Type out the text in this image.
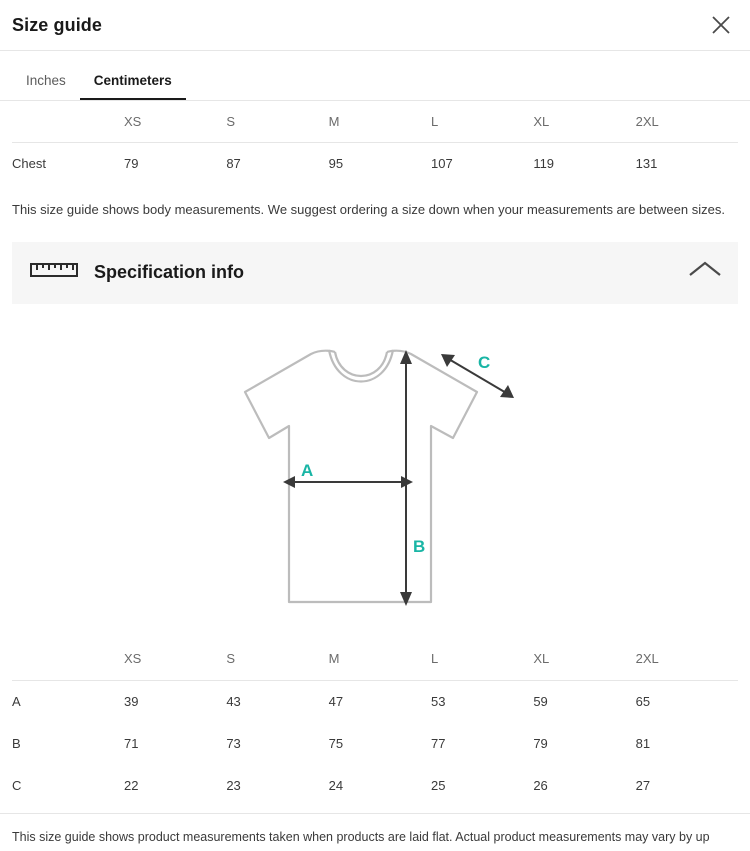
Size guide
Inches	Centimeters
	XS	S	M	L	XL	2XL
Chest	79	87	95	107	119	131
This size guide shows body measurements. We suggest ordering a size down when your measurements are between sizes.
Specification info
A
B
C
	XS	S	M	L	XL	2XL
A	39	43	47	53	59	65
B	71	73	75	77	79	81
C	22	23	24	25	26	27
This size guide shows product measurements taken when products are laid flat. Actual product measurements may vary by up
